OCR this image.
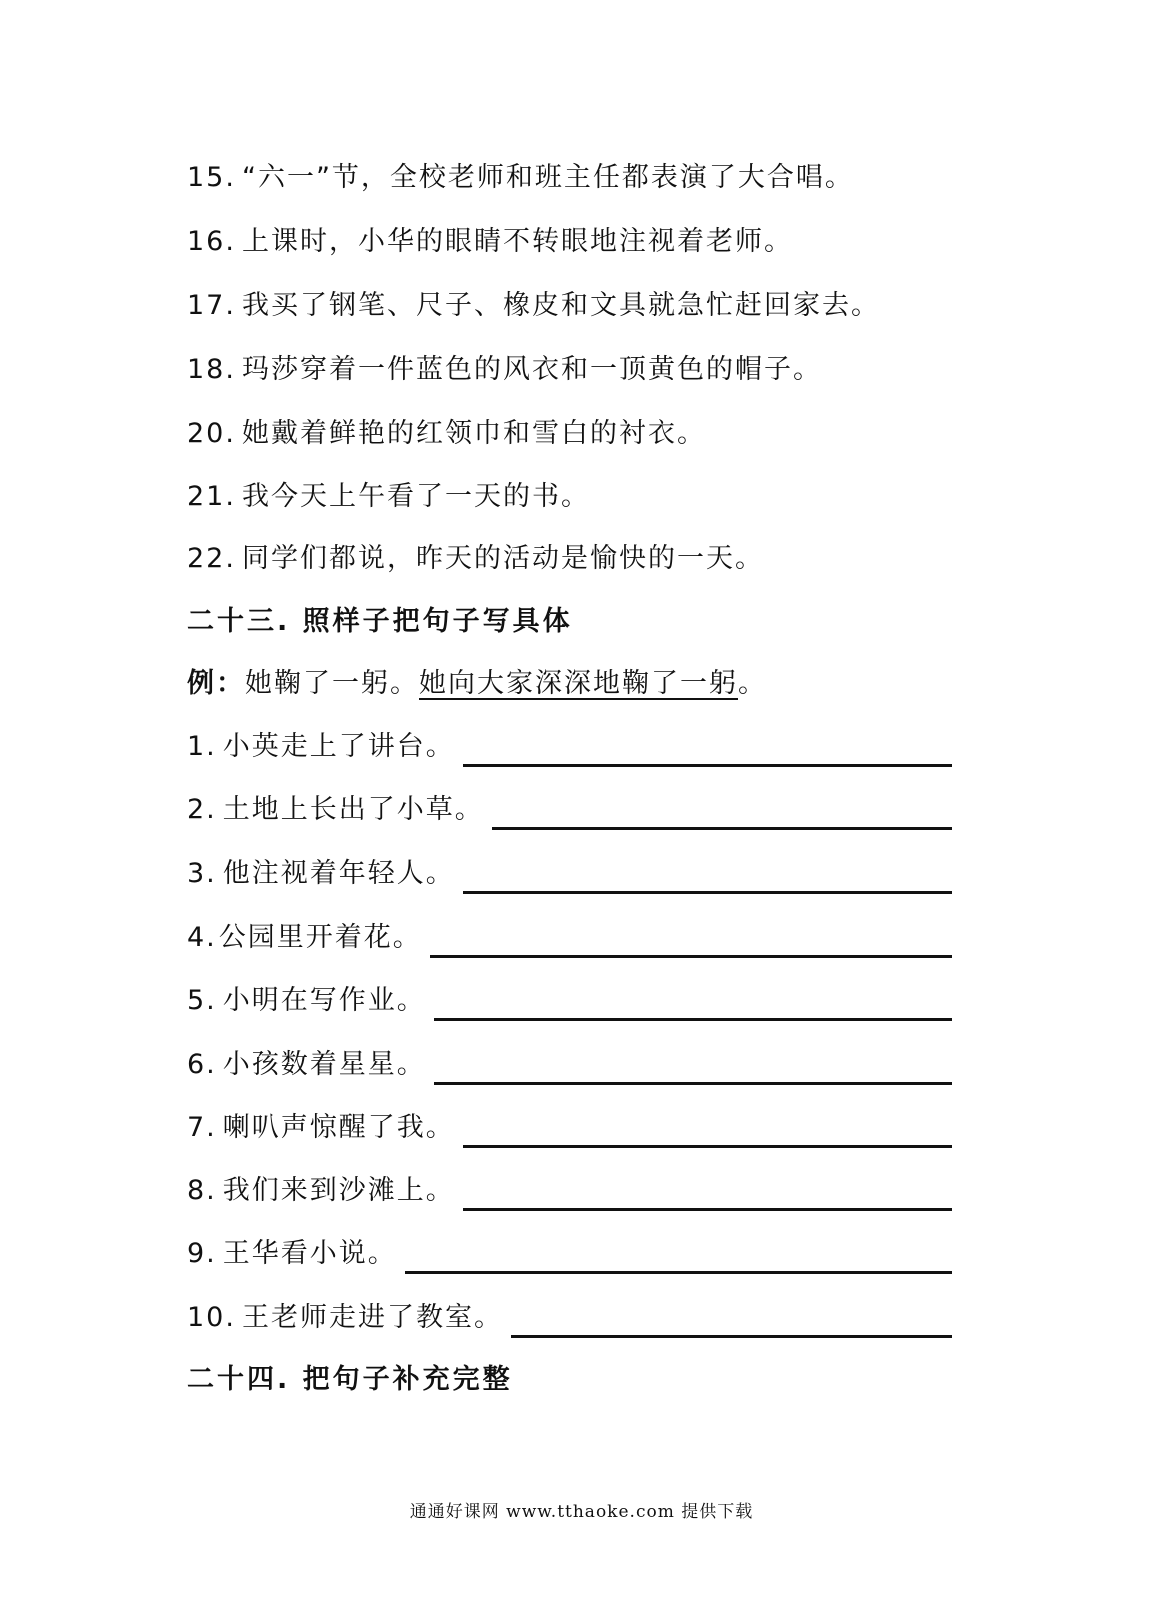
15. “六一”节，全校老师和班主任都表演了大合唱。
16. 上课时，小华的眼睛不转眼地注视着老师。
17. 我买了钢笔、尺子、橡皮和文具就急忙赶回家去。
18. 玛莎穿着一件蓝色的风衣和一顶黄色的帽子。
20. 她戴着鲜艳的红领巾和雪白的衬衣。
21. 我今天上午看了一天的书。
22. 同学们都说，昨天的活动是愉快的一天。
二十三. 照样子把句子写具体
例：她鞠了一躬。她向大家深深地鞠了一躬。
1. 小英走上了讲台。
2. 土地上长出了小草。
3. 他注视着年轻人。
4.公园里开着花。
5. 小明在写作业。
6. 小孩数着星星。
7. 喇叭声惊醒了我。
8. 我们来到沙滩上。
9. 王华看小说。
10. 王老师走进了教室。
二十四. 把句子补充完整
通通好课网 www.tthaoke.com 提供下载
